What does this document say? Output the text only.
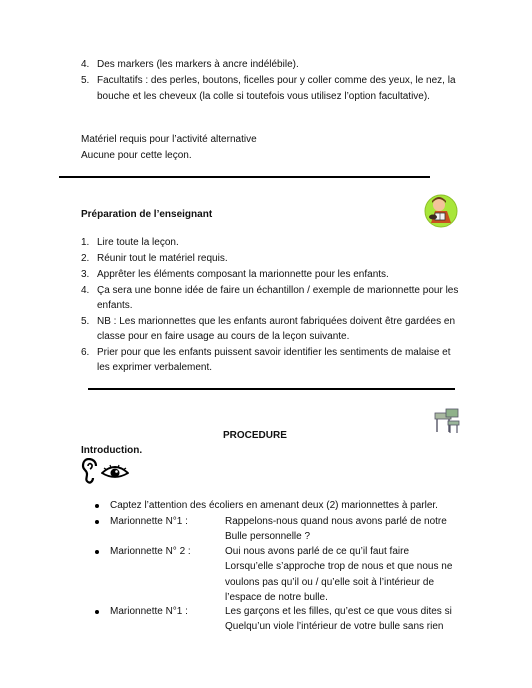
4. Des markers (les markers à ancre indélébile).
5. Facultatifs : des perles, boutons, ficelles pour y coller comme des yeux, le nez, la
bouche et les cheveux (la colle si toutefois vous utilisez l’option facultative).
Matériel requis pour l’activité alternative
Aucune pour cette leçon.
Préparation de l’enseignant
1. Lire toute la leçon.
2. Réunir tout le matériel requis.
3. Apprêter les éléments composant la marionnette pour les enfants.
4. Ça sera une bonne idée de faire un échantillon / exemple de marionnette pour les
enfants.
5. NB : Les marionnettes que les enfants auront fabriquées doivent être gardées en
classe pour en faire usage au cours de la leçon suivante.
6. Prier pour que les enfants puissent savoir identifier les sentiments de malaise et
les exprimer verbalement.
PROCEDURE
Introduction.
Captez l’attention des écoliers en amenant deux (2) marionnettes à parler.
Marionnette N°1 :	Rappelons-nous quand nous avons parlé de notre
Bulle personnelle ?
Marionnette N° 2 :	Oui nous avons parlé de ce qu’il faut faire
Lorsqu’elle s’approche trop de nous et que nous ne
voulons pas qu’il ou / qu’elle soit à l’intérieur de
l’espace de notre bulle.
Marionnette N°1 :	Les garçons et les filles, qu’est ce que vous dites si
Quelqu’un viole l’intérieur de votre bulle sans rien
